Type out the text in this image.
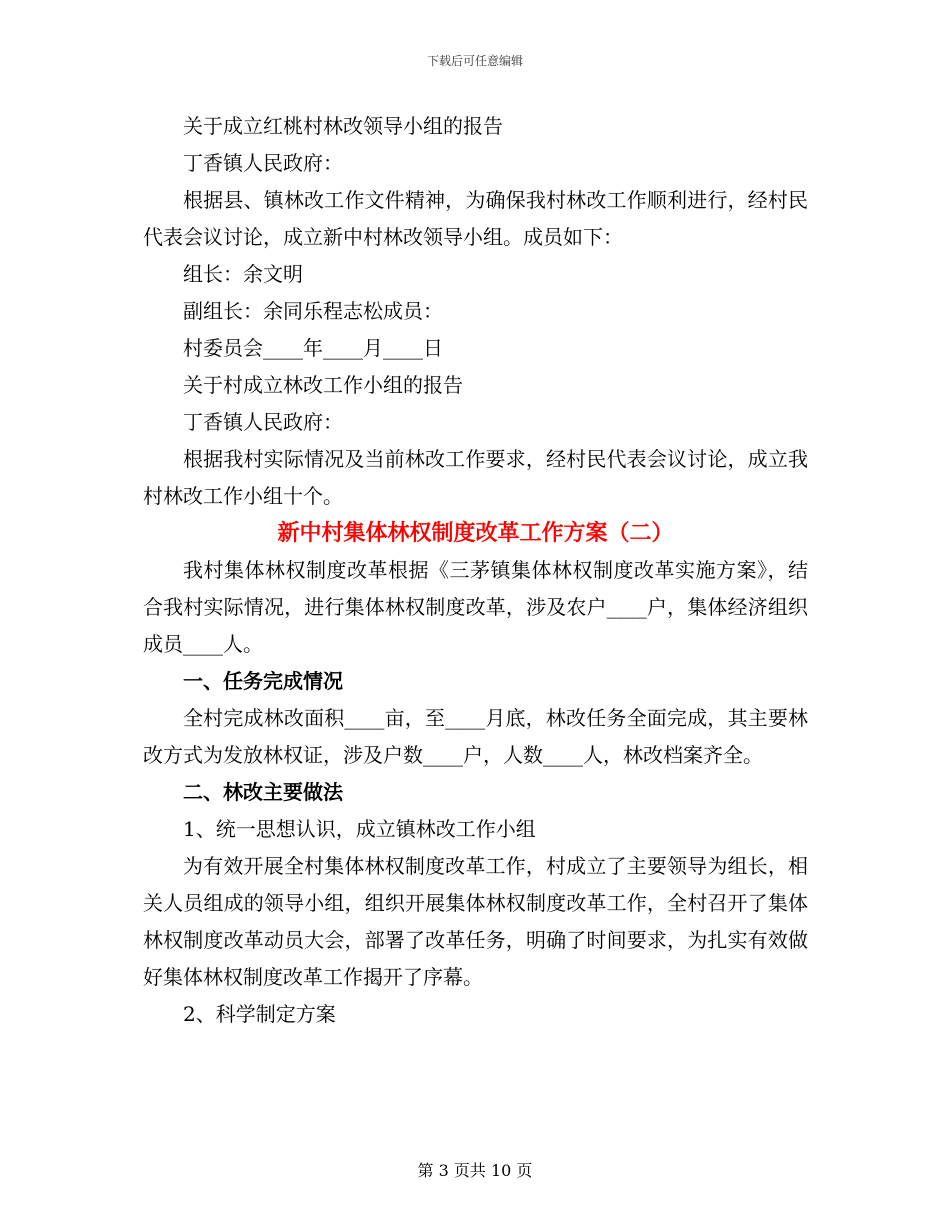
下载后可任意编辑

关于成立红桃村林改领导小组的报告

丁香镇人民政府：

根据县、镇林改工作文件精神，为确保我村林改工作顺利进行，经村民代表会议讨论，成立新中村林改领导小组。成员如下：

组长：余文明

副组长：余同乐程志松成员：

村委员会____年____月____日

关于村成立林改工作小组的报告

丁香镇人民政府：

根据我村实际情况及当前林改工作要求，经村民代表会议讨论，成立我村林改工作小组十个。

新中村集体林权制度改革工作方案（二）

我村集体林权制度改革根据《三茅镇集体林权制度改革实施方案》，结合我村实际情况，进行集体林权制度改革，涉及农户____户，集体经济组织成员____人。

一、任务完成情况

全村完成林改面积____亩，至____月底，林改任务全面完成，其主要林改方式为发放林权证，涉及户数____户，人数____人，林改档案齐全。

二、林改主要做法

1、统一思想认识，成立镇林改工作小组

为有效开展全村集体林权制度改革工作，村成立了主要领导为组长，相关人员组成的领导小组，组织开展集体林权制度改革工作，全村召开了集体林权制度改革动员大会，部署了改革任务，明确了时间要求，为扎实有效做好集体林权制度改革工作揭开了序幕。

2、科学制定方案

第 3 页共 10 页
